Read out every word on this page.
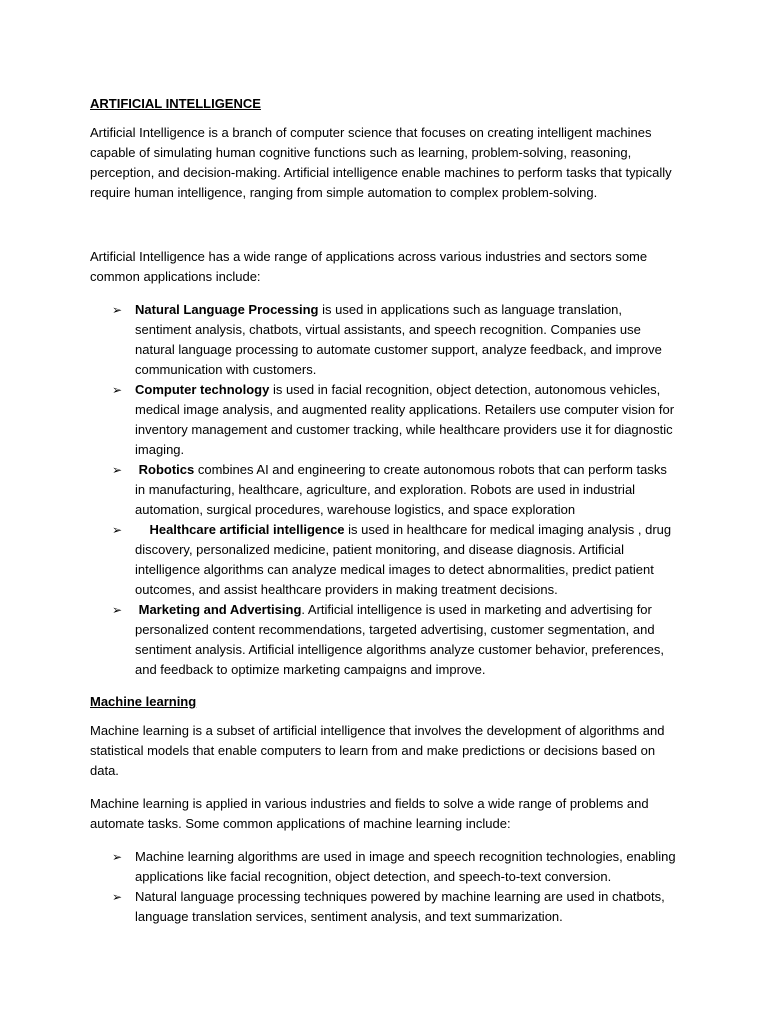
ARTIFICIAL INTELLIGENCE

Artificial Intelligence is a branch of computer science that focuses on creating intelligent machines capable of simulating human cognitive functions such as learning, problem-solving, reasoning, perception, and decision-making. Artificial intelligence enable machines to perform tasks that typically require human intelligence, ranging from simple automation to complex problem-solving.

Artificial Intelligence has a wide range of applications across various industries and sectors some common applications include:

➢ Natural Language Processing is used in applications such as language translation, sentiment analysis, chatbots, virtual assistants, and speech recognition. Companies use natural language processing to automate customer support, analyze feedback, and improve communication with customers.
➢ Computer technology is used in facial recognition, object detection, autonomous vehicles, medical image analysis, and augmented reality applications. Retailers use computer vision for inventory management and customer tracking, while healthcare providers use it for diagnostic imaging.
➢ Robotics combines AI and engineering to create autonomous robots that can perform tasks in manufacturing, healthcare, agriculture, and exploration. Robots are used in industrial automation, surgical procedures, warehouse logistics, and space exploration
➢ Healthcare artificial intelligence is used in healthcare for medical imaging analysis , drug discovery, personalized medicine, patient monitoring, and disease diagnosis. Artificial intelligence algorithms can analyze medical images to detect abnormalities, predict patient outcomes, and assist healthcare providers in making treatment decisions.
➢ Marketing and Advertising. Artificial intelligence is used in marketing and advertising for personalized content recommendations, targeted advertising, customer segmentation, and sentiment analysis. Artificial intelligence algorithms analyze customer behavior, preferences, and feedback to optimize marketing campaigns and improve.
Machine learning

Machine learning is a subset of artificial intelligence that involves the development of algorithms and statistical models that enable computers to learn from and make predictions or decisions based on data.

Machine learning is applied in various industries and fields to solve a wide range of problems and automate tasks. Some common applications of machine learning include:

➢ Machine learning algorithms are used in image and speech recognition technologies, enabling applications like facial recognition, object detection, and speech-to-text conversion.
➢ Natural language processing techniques powered by machine learning are used in chatbots, language translation services, sentiment analysis, and text summarization.
